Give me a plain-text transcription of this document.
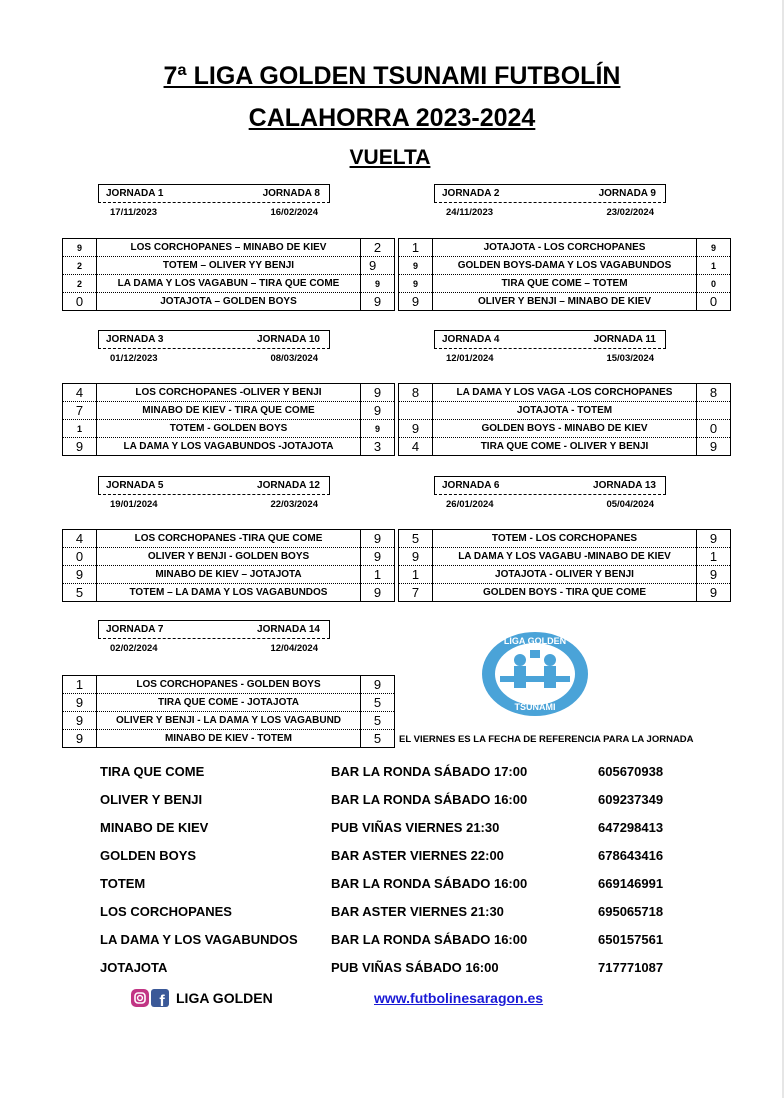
7ª LIGA GOLDEN TSUNAMI FUTBOLÍN
CALAHORRA 2023-2024
VUELTA
JORNADA 1	JORNADA 8
17/11/2023	16/02/2024
9	LOS CORCHOPANES – MINABO DE KIEV	2
2	TOTEM – OLIVER YY BENJI	9
2	LA DAMA Y LOS VAGABUN – TIRA QUE COME	9
0	JOTAJOTA – GOLDEN BOYS	9
JORNADA 2	JORNADA 9
24/11/2023	23/02/2024
1	JOTAJOTA - LOS CORCHOPANES	9
9	GOLDEN BOYS-DAMA Y LOS VAGABUNDOS	1
9	TIRA QUE COME – TOTEM	0
9	OLIVER Y BENJI – MINABO DE KIEV	0
JORNADA 3	JORNADA 10
01/12/2023	08/03/2024
4	LOS CORCHOPANES -OLIVER Y BENJI	9
7	MINABO DE KIEV - TIRA QUE COME	9
1	TOTEM - GOLDEN BOYS	9
9	LA DAMA Y LOS VAGABUNDOS -JOTAJOTA	3
JORNADA 4	JORNADA 11
12/01/2024	15/03/2024
8	LA DAMA Y LOS VAGA -LOS CORCHOPANES	8
	JOTAJOTA - TOTEM	
9	GOLDEN BOYS - MINABO DE KIEV	0
4	TIRA QUE COME - OLIVER Y BENJI	9
JORNADA 5	JORNADA 12
19/01/2024	22/03/2024
4	LOS CORCHOPANES -TIRA QUE COME	9
0	OLIVER Y BENJI - GOLDEN BOYS	9
9	MINABO DE KIEV – JOTAJOTA	1
5	TOTEM – LA DAMA Y LOS VAGABUNDOS	9
JORNADA 6	JORNADA 13
26/01/2024	05/04/2024
5	TOTEM - LOS CORCHOPANES	9
9	LA DAMA Y LOS VAGABU -MINABO DE KIEV	1
1	JOTAJOTA - OLIVER Y BENJI	9
7	GOLDEN BOYS - TIRA QUE COME	9
JORNADA 7	JORNADA 14
02/02/2024	12/04/2024
1	LOS CORCHOPANES - GOLDEN BOYS	9
9	TIRA QUE COME - JOTAJOTA	5
9	OLIVER Y BENJI - LA DAMA Y LOS VAGABUND	5
9	MINABO DE KIEV - TOTEM	5
LIGA GOLDEN
TSUNAMI
EL VIERNES ES LA FECHA DE REFERENCIA PARA LA JORNADA
TIRA QUE COME	BAR LA RONDA SÁBADO 17:00	605670938
OLIVER Y BENJI	BAR LA RONDA SÁBADO 16:00	609237349
MINABO DE KIEV	PUB VIÑAS VIERNES 21:30	647298413
GOLDEN BOYS	BAR ASTER VIERNES 22:00	678643416
TOTEM	BAR LA RONDA SÁBADO 16:00	669146991
LOS CORCHOPANES	BAR ASTER VIERNES 21:30	695065718
LA DAMA Y LOS VAGABUNDOS	BAR LA RONDA SÁBADO 16:00	650157561
JOTAJOTA	PUB VIÑAS SÁBADO 16:00	717771087
f LIGA GOLDEN	www.futbolinesaragon.es
